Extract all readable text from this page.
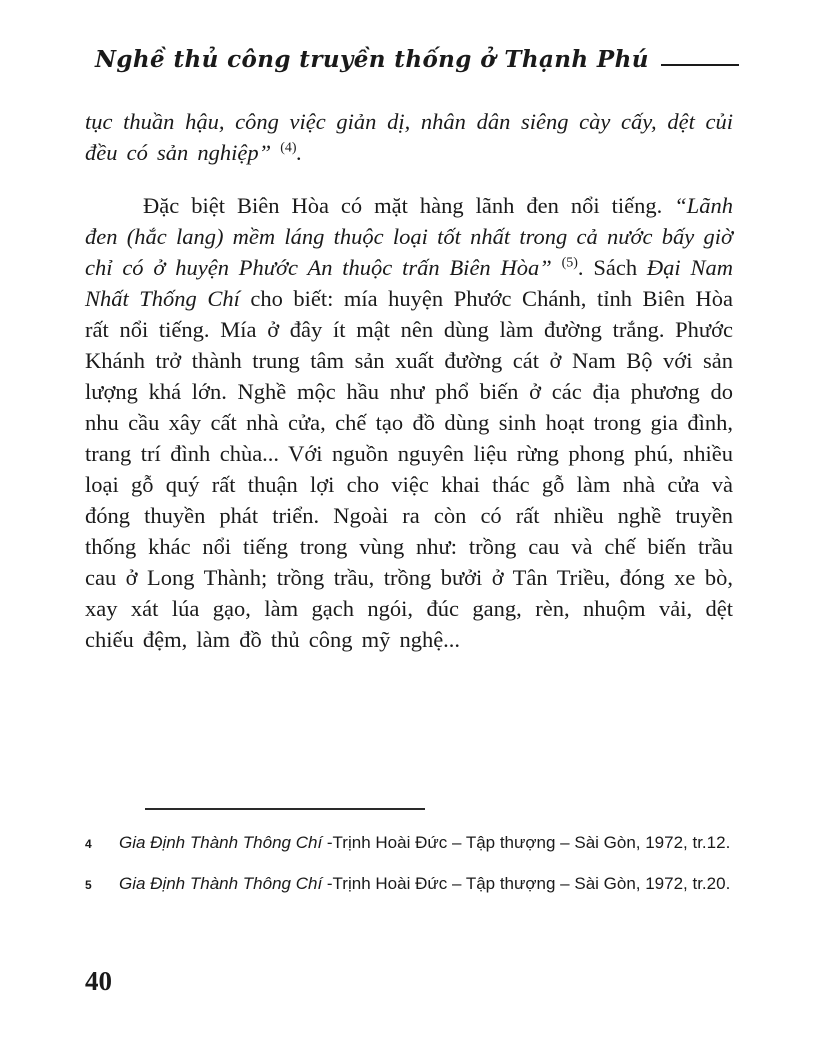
Nghề thủ công truyền thống ở Thạnh Phú

tục thuần hậu, công việc giản dị, nhân dân siêng cày cấy, dệt củi đều có sản nghiệp” $^{(4)}$.

Đặc biệt Biên Hòa có mặt hàng lãnh đen nổi tiếng. “Lãnh đen (hắc lang) mềm láng thuộc loại tốt nhất trong cả nước bấy giờ chỉ có ở huyện Phước An thuộc trấn Biên Hòa” $^{(5)}$. Sách Đại Nam Nhất Thống Chí cho biết: mía huyện Phước Chánh, tỉnh Biên Hòa rất nổi tiếng. Mía ở đây ít mật nên dùng làm đường trắng. Phước Khánh trở thành trung tâm sản xuất đường cát ở Nam Bộ với sản lượng khá lớn. Nghề mộc hầu như phổ biến ở các địa phương do nhu cầu xây cất nhà cửa, chế tạo đồ dùng sinh hoạt trong gia đình, trang trí đình chùa... Với nguồn nguyên liệu rừng phong phú, nhiều loại gỗ quý rất thuận lợi cho việc khai thác gỗ làm nhà cửa và đóng thuyền phát triển. Ngoài ra còn có rất nhiều nghề truyền thống khác nổi tiếng trong vùng như: trồng cau và chế biến trầu cau ở Long Thành; trồng trầu, trồng bưởi ở Tân Triều, đóng xe bò, xay xát lúa gạo, làm gạch ngói, đúc gang, rèn, nhuộm vải, dệt chiếu đệm, làm đồ thủ công mỹ nghệ...

4	Gia Định Thành Thông Chí -Trịnh Hoài Đức – Tập thượng – Sài Gòn, 1972, tr.12.
5	Gia Định Thành Thông Chí -Trịnh Hoài Đức – Tập thượng – Sài Gòn, 1972, tr.20.
40
